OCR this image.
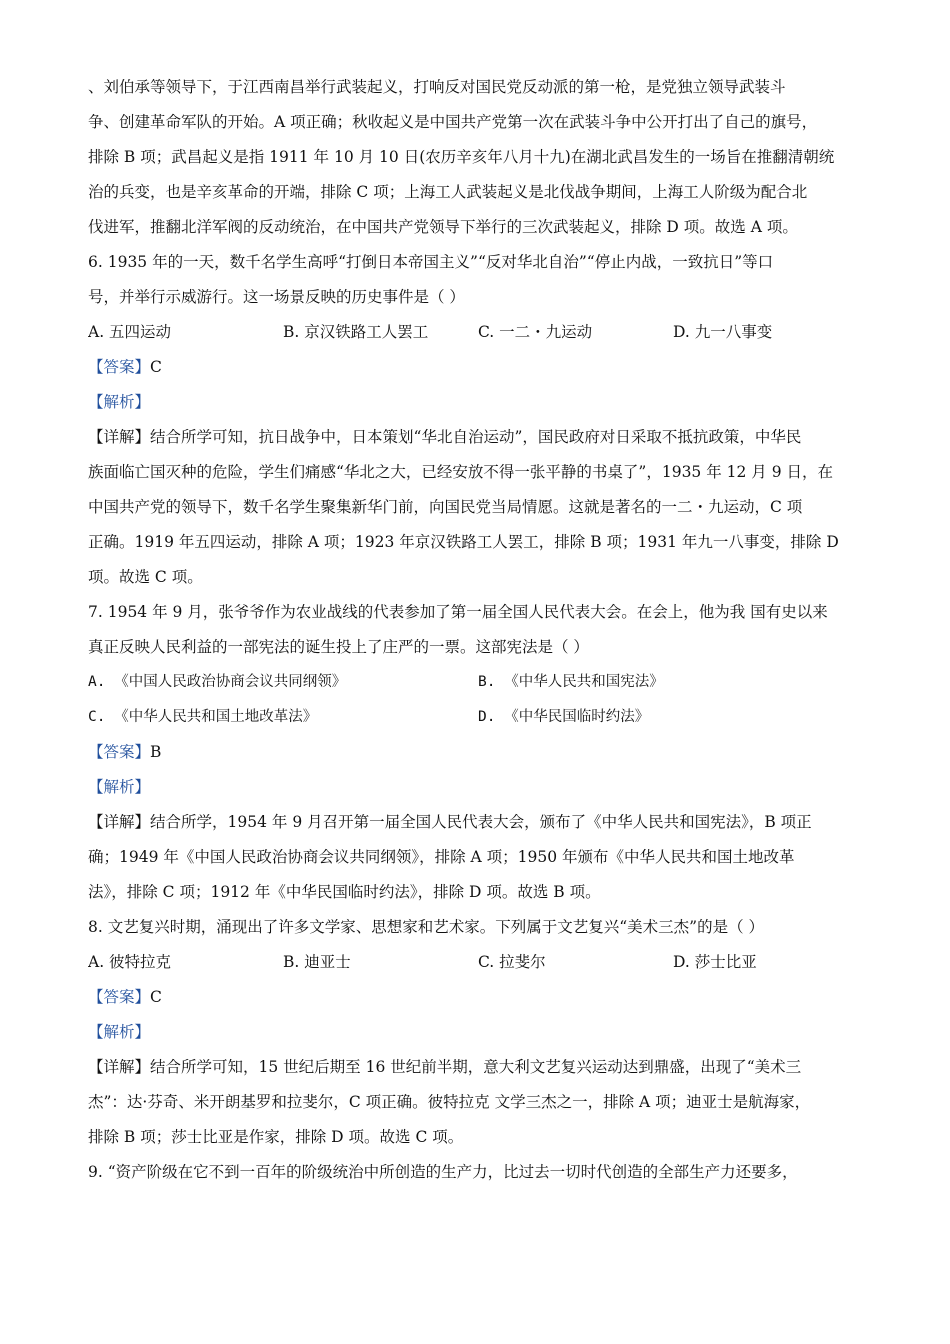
、刘伯承等领导下，于江西南昌举行武装起义，打响反对国民党反动派的第一枪，是党独立领导武装斗
争、创建革命军队的开始。A 项正确；秋收起义是中国共产党第一次在武装斗争中公开打出了自己的旗号，
排除 B 项；武昌起义是指 1911 年 10 月 10 日(农历辛亥年八月十九)在湖北武昌发生的一场旨在推翻清朝统
治的兵变，也是辛亥革命的开端，排除 C 项；上海工人武装起义是北伐战争期间，上海工人阶级为配合北
伐进军，推翻北洋军阀的反动统治，在中国共产党领导下举行的三次武装起义，排除 D 项。故选 A 项。
6. 1935 年的一天，数千名学生高呼“打倒日本帝国主义”“反对华北自治”“停止内战，一致抗日”等口
号，并举行示威游行。这一场景反映的历史事件是（ ）
A. 五四运动	B. 京汉铁路工人罢工	C. 一二・九运动	D. 九一八事变
【答案】C
【解析】
【详解】结合所学可知，抗日战争中，日本策划“华北自治运动”，国民政府对日采取不抵抗政策，中华民
族面临亡国灭种的危险，学生们痛感“华北之大，已经安放不得一张平静的书桌了”，1935 年 12 月 9 日，在
中国共产党的领导下，数千名学生聚集新华门前，向国民党当局情愿。这就是著名的一二・九运动，C 项
正确。1919 年五四运动，排除 A 项；1923 年京汉铁路工人罢工，排除 B 项；1931 年九一八事变，排除 D
项。故选 C 项。
7. 1954 年 9 月，张爷爷作为农业战线的代表参加了第一届全国人民代表大会。在会上，他为我 国有史以来
真正反映人民利益的一部宪法的诞生投上了庄严的一票。这部宪法是（ ）
A. 《中国人民政治协商会议共同纲领》	B. 《中华人民共和国宪法》
C. 《中华人民共和国土地改革法》	D. 《中华民国临时约法》
【答案】B
【解析】
【详解】结合所学，1954 年 9 月召开第一届全国人民代表大会，颁布了《中华人民共和国宪法》，B 项正
确；1949 年《中国人民政治协商会议共同纲领》，排除 A 项；1950 年颁布《中华人民共和国土地改革
法》，排除 C 项；1912 年《中华民国临时约法》，排除 D 项。故选 B 项。
8. 文艺复兴时期，涌现出了许多文学家、思想家和艺术家。下列属于文艺复兴“美术三杰”的是（ ）
A. 彼特拉克	B. 迪亚士	C. 拉斐尔	D. 莎士比亚
【答案】C
【解析】
【详解】结合所学可知，15 世纪后期至 16 世纪前半期，意大利文艺复兴运动达到鼎盛，出现了“美术三
杰”：达·芬奇、米开朗基罗和拉斐尔，C 项正确。彼特拉克 文学三杰之一，排除 A 项；迪亚士是航海家，
排除 B 项；莎士比亚是作家，排除 D 项。故选 C 项。
9. “资产阶级在它不到一百年的阶级统治中所创造的生产力，比过去一切时代创造的全部生产力还要多，
